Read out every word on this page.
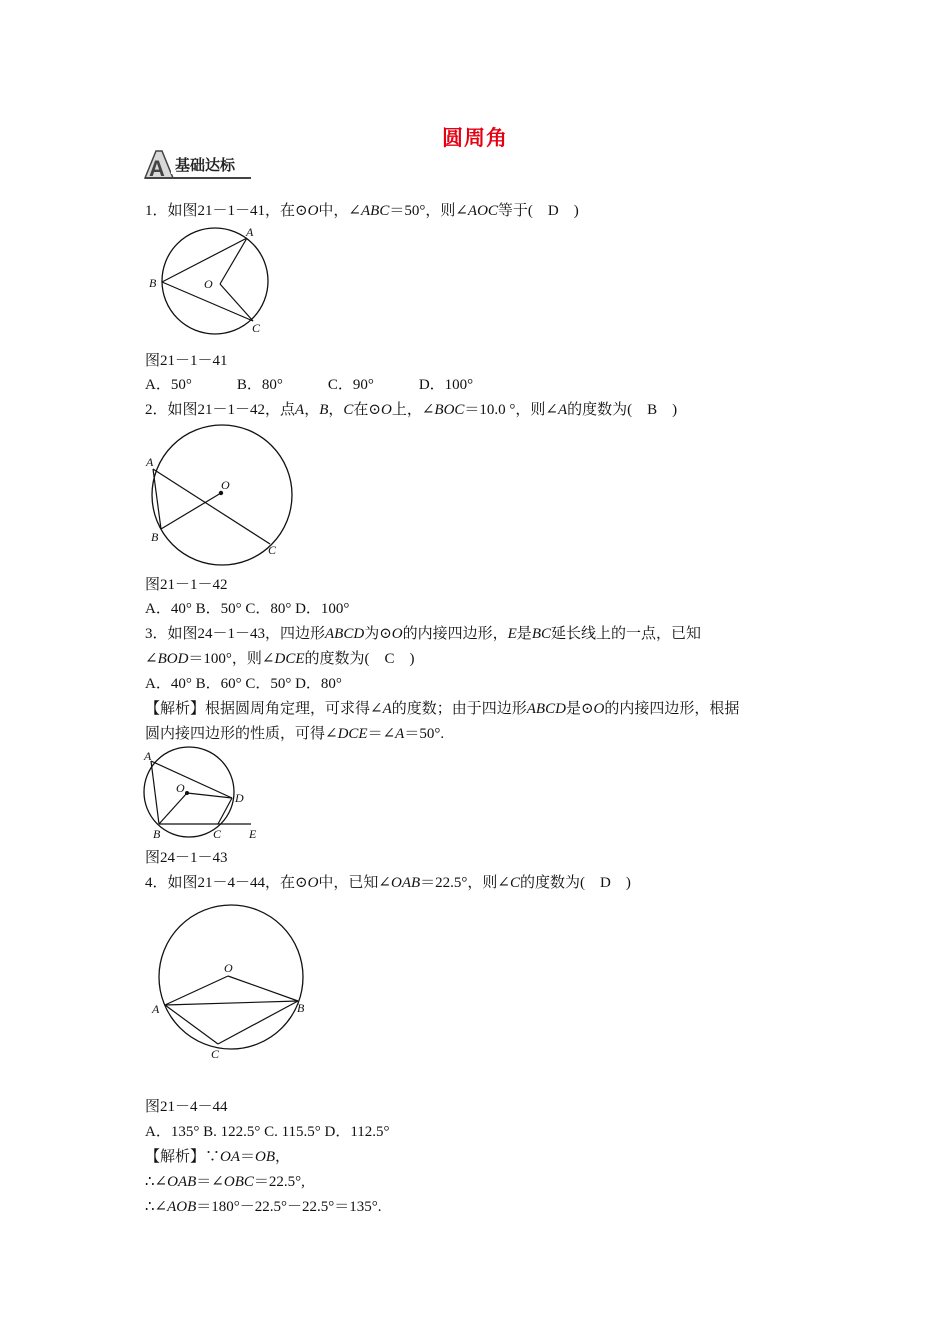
圆周角
A 基础达标
1．如图21－1－41，在⊙O中，∠ABC＝50°，则∠AOC等于(　D　)
A
B
C
O
图21－1－41
A．50°　　　B．80°　　　C．90°　　　D．100°
2．如图21－1－42，点A，B，C在⊙O上，∠BOC＝10.0 °，则∠A的度数为(　B　)
A
B
C
O
图21－1－42
A．40° B．50° C．80° D．100°
3．如图24－1－43，四边形ABCD为⊙O的内接四边形，E是BC延长线上的一点，已知
∠BOD＝100°，则∠DCE的度数为(　C　)
A．40° B．60° C．50° D．80°
【解析】根据圆周角定理，可求得∠A的度数；由于四边形ABCD是⊙O的内接四边形，根据
圆内接四边形的性质，可得∠DCE＝∠A＝50°.
A
B	C
D
E
O
图24－1－43
4．如图21－4－44，在⊙O中，已知∠OAB＝22.5°，则∠C的度数为(　D　)
O
A	B
C
图21－4－44
A．135° B. 122.5° C. 115.5° D．112.5°
【解析】∵OA＝OB，
∴∠OAB＝∠OBC＝22.5°,
∴∠AOB＝180°－22.5°－22.5°＝135°.
